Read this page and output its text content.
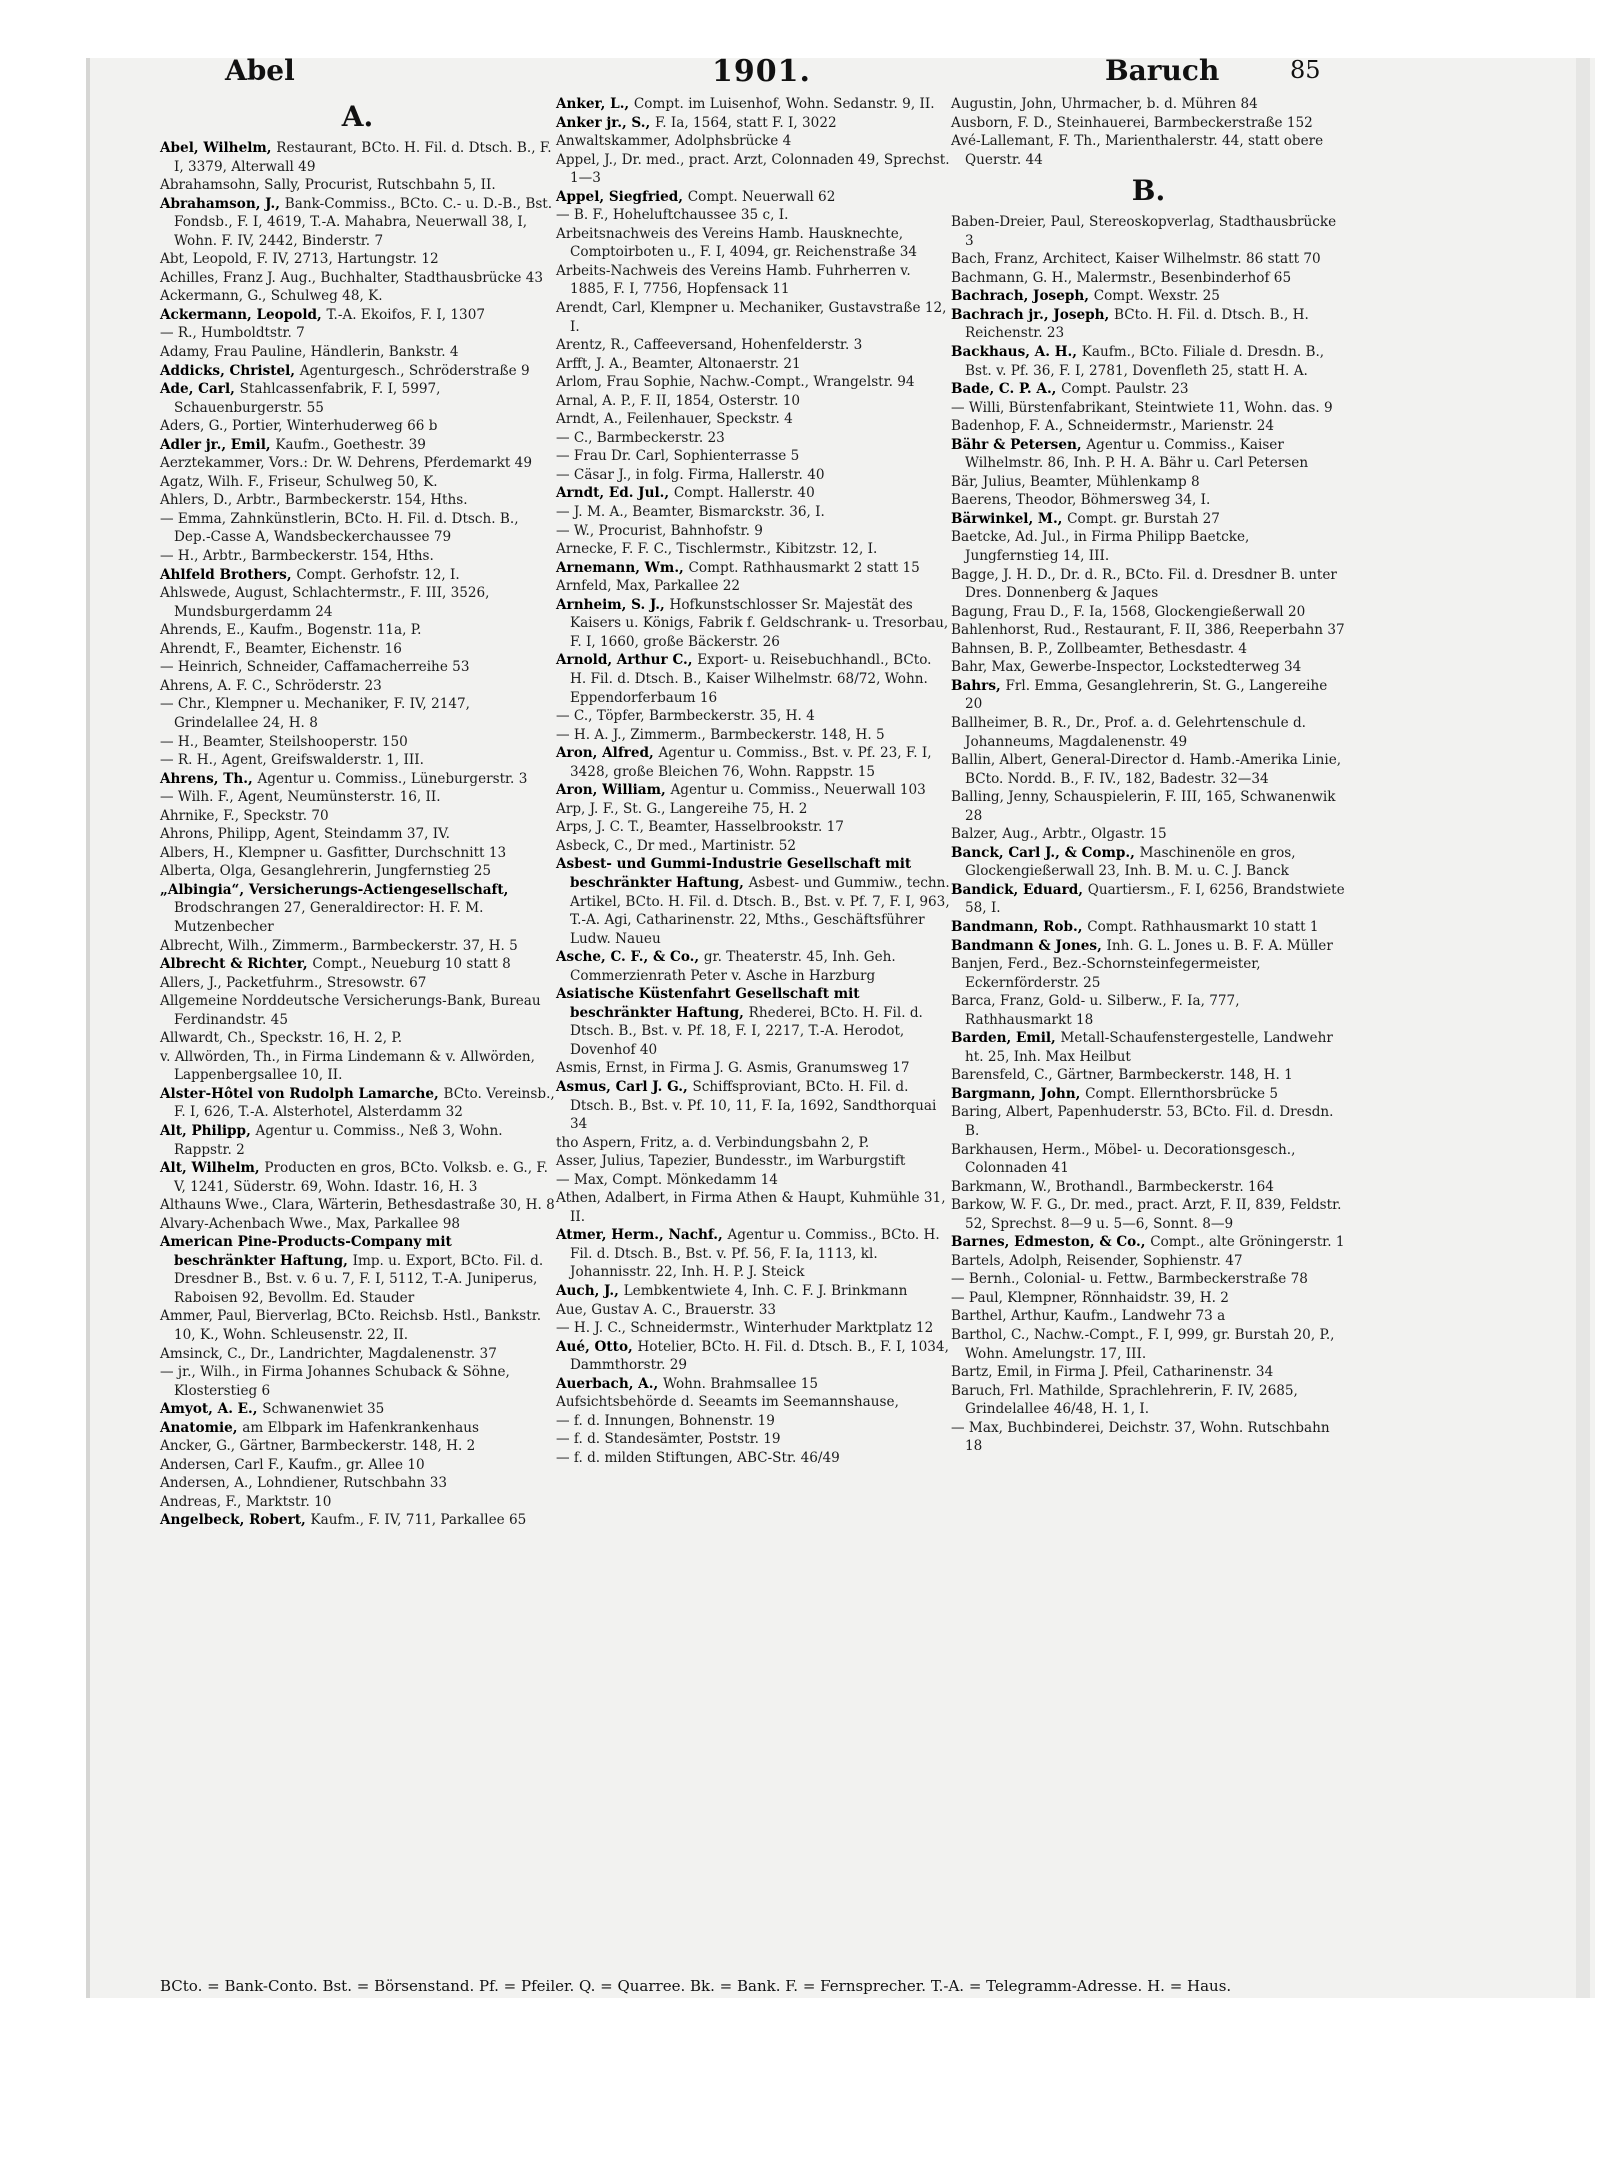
Abel	1901.	Baruch	85
A.
Abel, Wilhelm, Restaurant, BCto. H. Fil. d. Dtsch. B., F. I, 3379, Alterwall 49
Abrahamsohn, Sally, Procurist, Rutschbahn 5, II.
Abrahamson, J., Bank-Commiss., BCto. C.- u. D.-B., Bst. Fondsb., F. I, 4619, T.-A. Mahabra, Neuerwall 38, I, Wohn. F. IV, 2442, Binderstr. 7
Abt, Leopold, F. IV, 2713, Hartungstr. 12
Achilles, Franz J. Aug., Buchhalter, Stadthausbrücke 43
Ackermann, G., Schulweg 48, K.
Ackermann, Leopold, T.-A. Ekoifos, F. I, 1307
— R., Humboldtstr. 7
Adamy, Frau Pauline, Händlerin, Bankstr. 4
Addicks, Christel, Agenturgesch., Schröderstraße 9
Ade, Carl, Stahlcassenfabrik, F. I, 5997, Schauenburgerstr. 55
Aders, G., Portier, Winterhuderweg 66 b
Adler jr., Emil, Kaufm., Goethestr. 39
Aerztekammer, Vors.: Dr. W. Dehrens, Pferdemarkt 49
Agatz, Wilh. F., Friseur, Schulweg 50, K.
Ahlers, D., Arbtr., Barmbeckerstr. 154, Hths.
— Emma, Zahnkünstlerin, BCto. H. Fil. d. Dtsch. B., Dep.-Casse A, Wandsbeckerchaussee 79
— H., Arbtr., Barmbeckerstr. 154, Hths.
Ahlfeld Brothers, Compt. Gerhofstr. 12, I.
Ahlswede, August, Schlachtermstr., F. III, 3526, Mundsburgerdamm 24
Ahrends, E., Kaufm., Bogenstr. 11a, P.
Ahrendt, F., Beamter, Eichenstr. 16
— Heinrich, Schneider, Caffamacherreihe 53
Ahrens, A. F. C., Schröderstr. 23
— Chr., Klempner u. Mechaniker, F. IV, 2147, Grindelallee 24, H. 8
— H., Beamter, Steilshooperstr. 150
— R. H., Agent, Greifswalderstr. 1, III.
Ahrens, Th., Agentur u. Commiss., Lüneburgerstr. 3
— Wilh. F., Agent, Neumünsterstr. 16, II.
Ahrnike, F., Speckstr. 70
Ahrons, Philipp, Agent, Steindamm 37, IV.
Albers, H., Klempner u. Gasfitter, Durchschnitt 13
Alberta, Olga, Gesanglehrerin, Jungfernstieg 25
„Albingia“, Versicherungs-Actiengesellschaft, Brodschrangen 27, Generaldirector: H. F. M. Mutzenbecher
Albrecht, Wilh., Zimmerm., Barmbeckerstr. 37, H. 5
Albrecht & Richter, Compt., Neueburg 10 statt 8
Allers, J., Packetfuhrm., Stresowstr. 67
Allgemeine Norddeutsche Versicherungs-Bank, Bureau Ferdinandstr. 45
Allwardt, Ch., Speckstr. 16, H. 2, P.
v. Allwörden, Th., in Firma Lindemann & v. Allwörden, Lappenbergsallee 10, II.
Alster-Hôtel von Rudolph Lamarche, BCto. Vereinsb., F. I, 626, T.-A. Alsterhotel, Alsterdamm 32
Alt, Philipp, Agentur u. Commiss., Neß 3, Wohn. Rappstr. 2
Alt, Wilhelm, Producten en gros, BCto. Volksb. e. G., F. V, 1241, Süderstr. 69, Wohn. Idastr. 16, H. 3
Althauns Wwe., Clara, Wärterin, Bethesdastraße 30, H. 8
Alvary-Achenbach Wwe., Max, Parkallee 98
American Pine-Products-Company mit beschränkter Haftung, Imp. u. Export, BCto. Fil. d. Dresdner B., Bst. v. 6 u. 7, F. I, 5112, T.-A. Juniperus, Raboisen 92, Bevollm. Ed. Stauder
Ammer, Paul, Bierverlag, BCto. Reichsb. Hstl., Bankstr. 10, K., Wohn. Schleusenstr. 22, II.
Amsinck, C., Dr., Landrichter, Magdalenenstr. 37
— jr., Wilh., in Firma Johannes Schuback & Söhne, Klosterstieg 6
Amyot, A. E., Schwanenwiet 35
Anatomie, am Elbpark im Hafenkrankenhaus
Ancker, G., Gärtner, Barmbeckerstr. 148, H. 2
Andersen, Carl F., Kaufm., gr. Allee 10
Andersen, A., Lohndiener, Rutschbahn 33
Andreas, F., Marktstr. 10
Angelbeck, Robert, Kaufm., F. IV, 711, Parkallee 65
Anker, L., Compt. im Luisenhof, Wohn. Sedanstr. 9, II.
Anker jr., S., F. Ia, 1564, statt F. I, 3022
Anwaltskammer, Adolphsbrücke 4
Appel, J., Dr. med., pract. Arzt, Colonnaden 49, Sprechst. 1—3
Appel, Siegfried, Compt. Neuerwall 62
— B. F., Hoheluftchaussee 35 c, I.
Arbeitsnachweis des Vereins Hamb. Hausknechte, Comptoirboten u., F. I, 4094, gr. Reichenstraße 34
Arbeits-Nachweis des Vereins Hamb. Fuhrherren v. 1885, F. I, 7756, Hopfensack 11
Arendt, Carl, Klempner u. Mechaniker, Gustavstraße 12, I.
Arentz, R., Caffeeversand, Hohenfelderstr. 3
Arfft, J. A., Beamter, Altonaerstr. 21
Arlom, Frau Sophie, Nachw.-Compt., Wrangelstr. 94
Arnal, A. P., F. II, 1854, Osterstr. 10
Arndt, A., Feilenhauer, Speckstr. 4
— C., Barmbeckerstr. 23
— Frau Dr. Carl, Sophienterrasse 5
— Cäsar J., in folg. Firma, Hallerstr. 40
Arndt, Ed. Jul., Compt. Hallerstr. 40
— J. M. A., Beamter, Bismarckstr. 36, I.
— W., Procurist, Bahnhofstr. 9
Arnecke, F. F. C., Tischlermstr., Kibitzstr. 12, I.
Arnemann, Wm., Compt. Rathhausmarkt 2 statt 15
Arnfeld, Max, Parkallee 22
Arnheim, S. J., Hofkunstschlosser Sr. Majestät des Kaisers u. Königs, Fabrik f. Geldschrank- u. Tresorbau, F. I, 1660, große Bäckerstr. 26
Arnold, Arthur C., Export- u. Reisebuchhandl., BCto. H. Fil. d. Dtsch. B., Kaiser Wilhelmstr. 68/72, Wohn. Eppendorferbaum 16
— C., Töpfer, Barmbeckerstr. 35, H. 4
— H. A. J., Zimmerm., Barmbeckerstr. 148, H. 5
Aron, Alfred, Agentur u. Commiss., Bst. v. Pf. 23, F. I, 3428, große Bleichen 76, Wohn. Rappstr. 15
Aron, William, Agentur u. Commiss., Neuerwall 103
Arp, J. F., St. G., Langereihe 75, H. 2
Arps, J. C. T., Beamter, Hasselbrookstr. 17
Asbeck, C., Dr med., Martinistr. 52
Asbest- und Gummi-Industrie Gesellschaft mit beschränkter Haftung, Asbest- und Gummiw., techn. Artikel, BCto. H. Fil. d. Dtsch. B., Bst. v. Pf. 7, F. I, 963, T.-A. Agi, Catharinenstr. 22, Mths., Geschäftsführer Ludw. Naueu
Asche, C. F., & Co., gr. Theaterstr. 45, Inh. Geh. Commerzienrath Peter v. Asche in Harzburg
Asiatische Küstenfahrt Gesellschaft mit beschränkter Haftung, Rhederei, BCto. H. Fil. d. Dtsch. B., Bst. v. Pf. 18, F. I, 2217, T.-A. Herodot, Dovenhof 40
Asmis, Ernst, in Firma J. G. Asmis, Granumsweg 17
Asmus, Carl J. G., Schiffsproviant, BCto. H. Fil. d. Dtsch. B., Bst. v. Pf. 10, 11, F. Ia, 1692, Sandthorquai 34
tho Aspern, Fritz, a. d. Verbindungsbahn 2, P.
Asser, Julius, Tapezier, Bundesstr., im Warburgstift
— Max, Compt. Mönkedamm 14
Athen, Adalbert, in Firma Athen & Haupt, Kuhmühle 31, II.
Atmer, Herm., Nachf., Agentur u. Commiss., BCto. H. Fil. d. Dtsch. B., Bst. v. Pf. 56, F. Ia, 1113, kl. Johannisstr. 22, Inh. H. P. J. Steick
Auch, J., Lembkentwiete 4, Inh. C. F. J. Brinkmann
Aue, Gustav A. C., Brauerstr. 33
— H. J. C., Schneidermstr., Winterhuder Marktplatz 12
Aué, Otto, Hotelier, BCto. H. Fil. d. Dtsch. B., F. I, 1034, Dammthorstr. 29
Auerbach, A., Wohn. Brahmsallee 15
Aufsichtsbehörde d. Seeamts im Seemannshause,
— f. d. Innungen, Bohnenstr. 19
— f. d. Standesämter, Poststr. 19
— f. d. milden Stiftungen, ABC-Str. 46/49
Augustin, John, Uhrmacher, b. d. Mühren 84
Ausborn, F. D., Steinhauerei, Barmbeckerstraße 152
Avé-Lallemant, F. Th., Marienthalerstr. 44, statt obere Querstr. 44
B.
Baben-Dreier, Paul, Stereoskopverlag, Stadthausbrücke 3
Bach, Franz, Architect, Kaiser Wilhelmstr. 86 statt 70
Bachmann, G. H., Malermstr., Besenbinderhof 65
Bachrach, Joseph, Compt. Wexstr. 25
Bachrach jr., Joseph, BCto. H. Fil. d. Dtsch. B., H. Reichenstr. 23
Backhaus, A. H., Kaufm., BCto. Filiale d. Dresdn. B., Bst. v. Pf. 36, F. I, 2781, Dovenfleth 25, statt H. A.
Bade, C. P. A., Compt. Paulstr. 23
— Willi, Bürstenfabrikant, Steintwiete 11, Wohn. das. 9
Badenhop, F. A., Schneidermstr., Marienstr. 24
Bähr & Petersen, Agentur u. Commiss., Kaiser Wilhelmstr. 86, Inh. P. H. A. Bähr u. Carl Petersen
Bär, Julius, Beamter, Mühlenkamp 8
Baerens, Theodor, Böhmersweg 34, I.
Bärwinkel, M., Compt. gr. Burstah 27
Baetcke, Ad. Jul., in Firma Philipp Baetcke, Jungfernstieg 14, III.
Bagge, J. H. D., Dr. d. R., BCto. Fil. d. Dresdner B. unter Dres. Donnenberg & Jaques
Bagung, Frau D., F. Ia, 1568, Glockengießerwall 20
Bahlenhorst, Rud., Restaurant, F. II, 386, Reeperbahn 37
Bahnsen, B. P., Zollbeamter, Bethesdastr. 4
Bahr, Max, Gewerbe-Inspector, Lockstedterweg 34
Bahrs, Frl. Emma, Gesanglehrerin, St. G., Langereihe 20
Ballheimer, B. R., Dr., Prof. a. d. Gelehrtenschule d. Johanneums, Magdalenenstr. 49
Ballin, Albert, General-Director d. Hamb.-Amerika Linie, BCto. Nordd. B., F. IV., 182, Badestr. 32—34
Balling, Jenny, Schauspielerin, F. III, 165, Schwanenwik 28
Balzer, Aug., Arbtr., Olgastr. 15
Banck, Carl J., & Comp., Maschinenöle en gros, Glockengießerwall 23, Inh. B. M. u. C. J. Banck
Bandick, Eduard, Quartiersm., F. I, 6256, Brandstwiete 58, I.
Bandmann, Rob., Compt. Rathhausmarkt 10 statt 1
Bandmann & Jones, Inh. G. L. Jones u. B. F. A. Müller
Banjen, Ferd., Bez.-Schornsteinfegermeister, Eckernförderstr. 25
Barca, Franz, Gold- u. Silberw., F. Ia, 777, Rathhausmarkt 18
Barden, Emil, Metall-Schaufenstergestelle, Landwehr ht. 25, Inh. Max Heilbut
Barensfeld, C., Gärtner, Barmbeckerstr. 148, H. 1
Bargmann, John, Compt. Ellernthorsbrücke 5
Baring, Albert, Papenhuderstr. 53, BCto. Fil. d. Dresdn. B.
Barkhausen, Herm., Möbel- u. Decorationsgesch., Colonnaden 41
Barkmann, W., Brothandl., Barmbeckerstr. 164
Barkow, W. F. G., Dr. med., pract. Arzt, F. II, 839, Feldstr. 52, Sprechst. 8—9 u. 5—6, Sonnt. 8—9
Barnes, Edmeston, & Co., Compt., alte Gröningerstr. 1
Bartels, Adolph, Reisender, Sophienstr. 47
— Bernh., Colonial- u. Fettw., Barmbeckerstraße 78
— Paul, Klempner, Rönnhaidstr. 39, H. 2
Barthel, Arthur, Kaufm., Landwehr 73 a
Barthol, C., Nachw.-Compt., F. I, 999, gr. Burstah 20, P., Wohn. Amelungstr. 17, III.
Bartz, Emil, in Firma J. Pfeil, Catharinenstr. 34
Baruch, Frl. Mathilde, Sprachlehrerin, F. IV, 2685, Grindelallee 46/48, H. 1, I.
— Max, Buchbinderei, Deichstr. 37, Wohn. Rutschbahn 18
BCto. = Bank-Conto. Bst. = Börsenstand. Pf. = Pfeiler. Q. = Quarree. Bk. = Bank. F. = Fernsprecher. T.-A. = Telegramm-Adresse. H. = Haus.
